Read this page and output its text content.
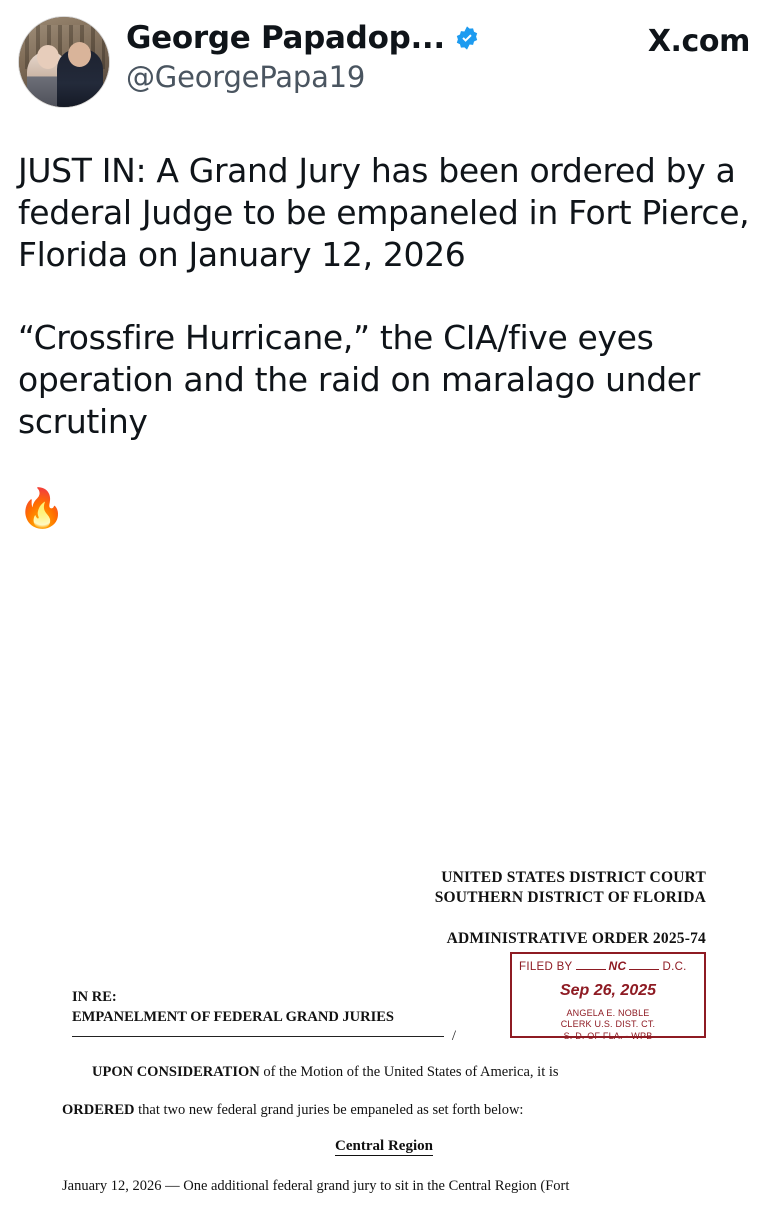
George Papadop...
@GeorgePapa19
X.com
JUST IN: A Grand Jury has been ordered by a federal Judge to be empaneled in Fort Pierce, Florida on January 12, 2026
“Crossfire Hurricane,” the CIA/five eyes operation and the raid on maralago under scrutiny
🔥
UNITED STATES DISTRICT COURT
SOUTHERN DISTRICT OF FLORIDA
ADMINISTRATIVE ORDER 2025-74
IN RE:
EMPANELMENT OF FEDERAL GRAND JURIES
/
FILED BY	NC	D.C.
Sep 26, 2025
ANGELA E. NOBLE
CLERK U.S. DIST. CT.
S. D. OF FLA. - WPB
UPON CONSIDERATION of the Motion of the United States of America, it is
ORDERED that two new federal grand juries be empaneled as set forth below:
Central Region
January 12, 2026 — One additional federal grand jury to sit in the Central Region (Fort
